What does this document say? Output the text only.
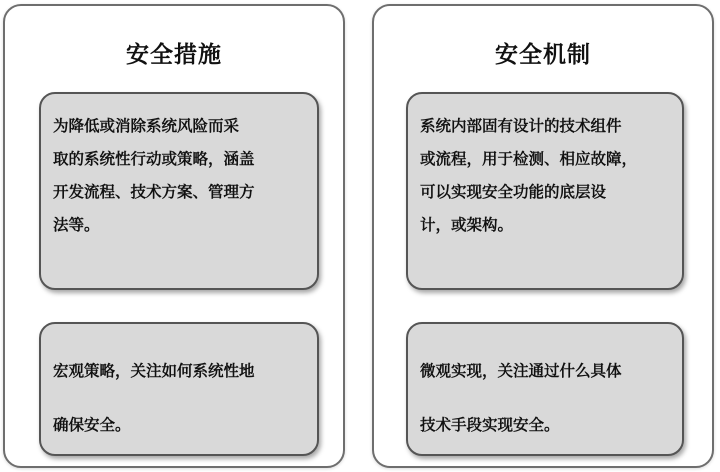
安全措施
为降低或消除系统风险而采
取的系统性行动或策略，涵盖
开发流程、技术方案、管理方
法等。
宏观策略，关注如何系统性地
确保安全。
安全机制
系统内部固有设计的技术组件
或流程，用于检测、相应故障，
可以实现安全功能的底层设
计，或架构。
微观实现，关注通过什么具体
技术手段实现安全。
